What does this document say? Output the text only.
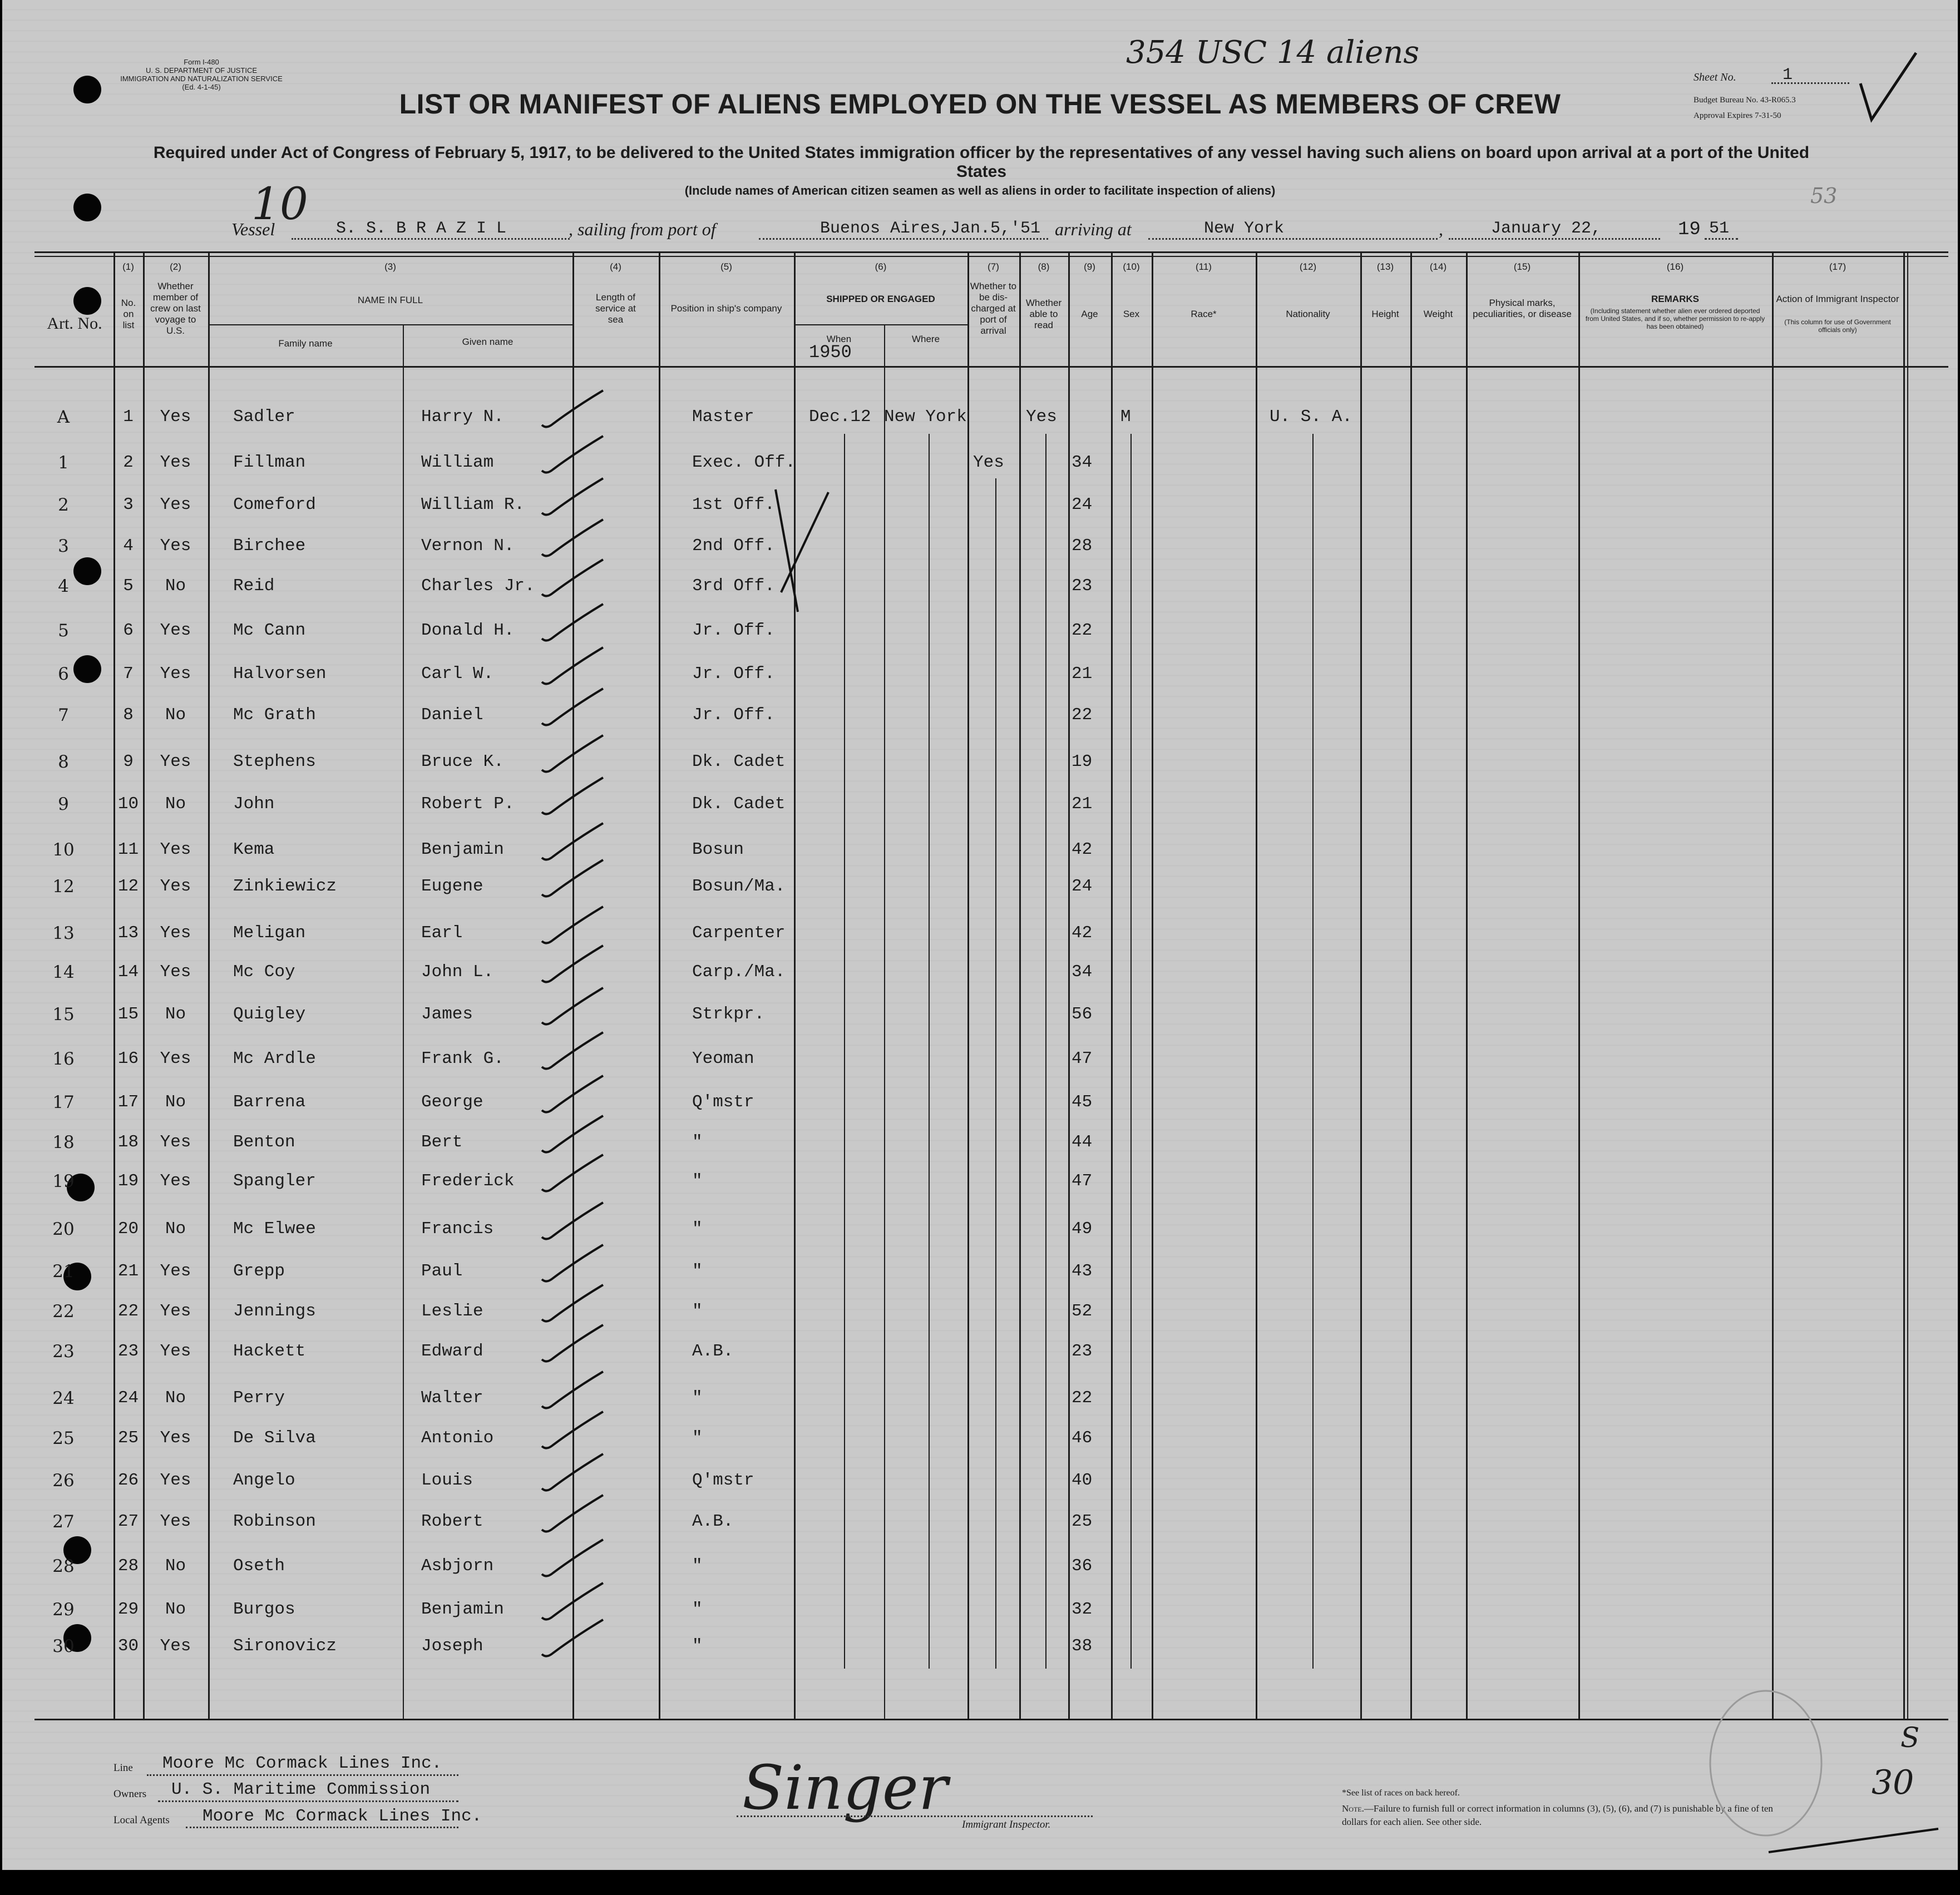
Form I-480
U. S. DEPARTMENT OF JUSTICE
IMMIGRATION AND NATURALIZATION SERVICE
(Ed. 4-1-45)
354 USC 14 aliens
LIST OR MANIFEST OF ALIENS EMPLOYED ON THE VESSEL AS MEMBERS OF CREW
Required under Act of Congress of February 5, 1917, to be delivered to the United States immigration officer by the representatives of any vessel having such aliens on board upon arrival at a port of the United States
(Include names of American citizen seamen as well as aliens in order to facilitate inspection of aliens)
Sheet No.	1
Budget Bureau No. 43-R065.3
Approval Expires 7-31-50
53
10
Vessel	S. S. B R A Z I L	, sailing from port of	Buenos Aires,Jan.5,'51 arriving at	New York	,	January 22,	19 51
Art. No.
(1)
No. on list
(2)
Whether member of crew on last voyage to U.S.
(3)
NAME IN FULL
Family name	Given name
(4)
Length of service at sea
(5)
Position in ship's company
(6)
SHIPPED OR ENGAGED
When	Where
(7)
Whether to be dis-charged at port of arrival
(8)
Whether able to read
(9)
Age
(10)
Sex
(11)
Race*
(12)
Nationality
(13)
Height
(14)
Weight
(15)
Physical marks, peculiarities, or disease
(16)
REMARKS
(Including statement whether alien ever ordered deported from United States, and if so, whether permission to re-apply has been obtained)
(17)
Action of Immigrant Inspector
(This column for use of Government officials only)
1950
A	1	Yes	Sadler	Harry N.	Master	Dec.12 New York	Yes	M	U. S. A.
1	2	Yes	Fillman	William	Exec. Off.	Yes	34
2	3	Yes	Comeford	William R.	1st Off.	24
3	4	Yes	Birchee	Vernon N.	2nd Off.	28
4	5	No	Reid	Charles Jr.	3rd Off.	23
5	6	Yes	Mc Cann	Donald H.	Jr. Off.	22
6	7	Yes	Halvorsen	Carl W.	Jr. Off.	21
7	8	No	Mc Grath	Daniel	Jr. Off.	22
8	9	Yes	Stephens	Bruce K.	Dk. Cadet	19
9	10	No	John	Robert P.	Dk. Cadet	21
10	11	Yes	Kema	Benjamin	Bosun	42
12	12	Yes	Zinkiewicz	Eugene	Bosun/Ma.	24
13	13	Yes	Meligan	Earl	Carpenter	42
14	14	Yes	Mc Coy	John L.	Carp./Ma.	34
15	15	No	Quigley	James	Strkpr.	56
16	16	Yes	Mc Ardle	Frank G.	Yeoman	47
17	17	No	Barrena	George	Q'mstr	45
18	18	Yes	Benton	Bert	"	44
19	19	Yes	Spangler	Frederick	"	47
20	20	No	Mc Elwee	Francis	"	49
21	21	Yes	Grepp	Paul	"	43
22	22	Yes	Jennings	Leslie	"	52
23	23	Yes	Hackett	Edward	A.B.	23
24	24	No	Perry	Walter	"	22
25	25	Yes	De Silva	Antonio	"	46
26	26	Yes	Angelo	Louis	Q'mstr	40
27	27	Yes	Robinson	Robert	A.B.	25
28	28	No	Oseth	Asbjorn	"	36
29	29	No	Burgos	Benjamin	"	32
30	30	Yes	Sironovicz	Joseph	"	38
Line Moore Mc Cormack Lines Inc.
Owners U. S. Maritime Commission
Local Agents Moore Mc Cormack Lines Inc.	Singer
Immigrant Inspector.
*See list of races on back hereof.
Note.—Failure to furnish full or correct information in columns (3), (5), (6), and (7) is punishable by a fine of ten dollars for each alien. See other side.
S
30
